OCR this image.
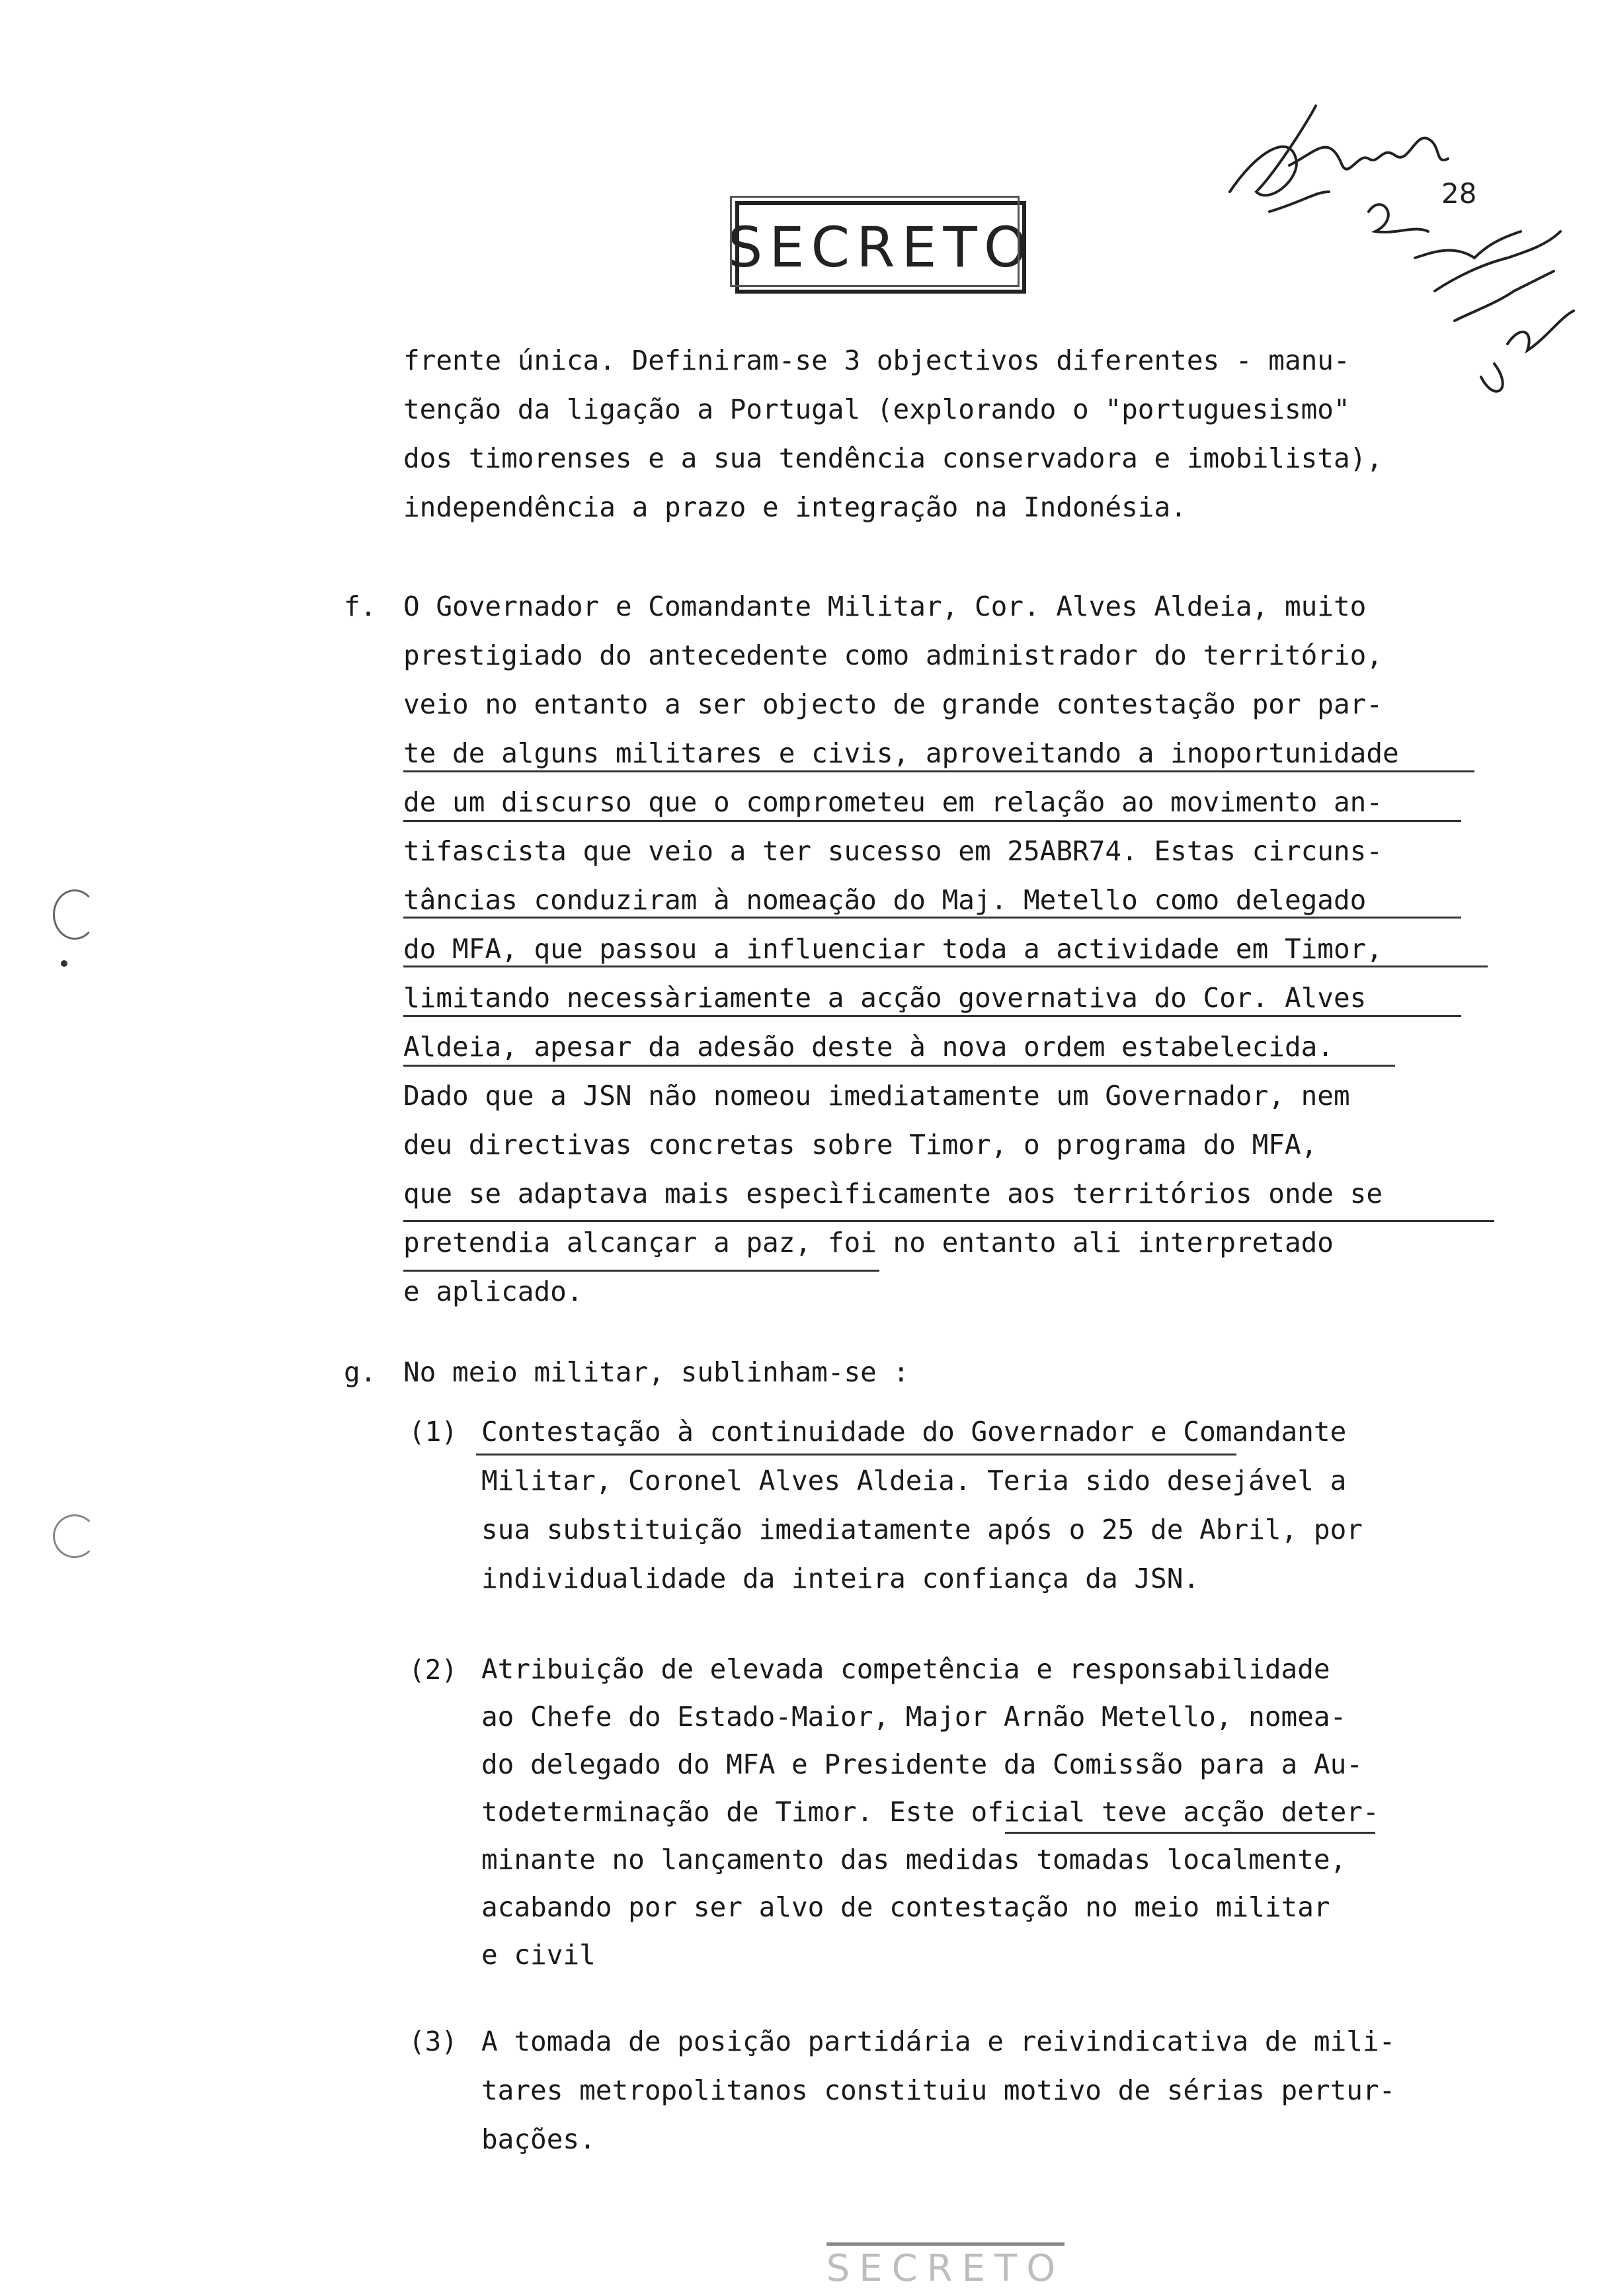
SECRETO
28
frente única. Definiram-se 3 objectivos diferentes - manu-
tenção da ligação a Portugal (explorando o "portuguesismo"
dos timorenses e a sua tendência conservadora e imobilista),
independência a prazo e integração na Indonésia.
f. O Governador e Comandante Militar, Cor. Alves Aldeia, muito
prestigiado do antecedente como administrador do território,
veio no entanto a ser objecto de grande contestação por par-
te de alguns militares e civis, aproveitando a inoportunidade
de um discurso que o comprometeu em relação ao movimento an-
tifascista que veio a ter sucesso em 25ABR74. Estas circuns-
tâncias conduziram à nomeação do Maj. Metello como delegado
do MFA, que passou a influenciar toda a actividade em Timor,
limitando necessàriamente a acção governativa do Cor. Alves
Aldeia, apesar da adesão deste à nova ordem estabelecida.
Dado que a JSN não nomeou imediatamente um Governador, nem
deu directivas concretas sobre Timor, o programa do MFA,
que se adaptava mais especìficamente aos territórios onde se
pretendia alcançar a paz, foi no entanto ali interpretado
e aplicado.
g. No meio militar, sublinham-se :
(1) Contestação à continuidade do Governador e Comandante
Militar, Coronel Alves Aldeia. Teria sido desejável a
sua substituição imediatamente após o 25 de Abril, por
individualidade da inteira confiança da JSN.
(2) Atribuição de elevada competência e responsabilidade
ao Chefe do Estado-Maior, Major Arnão Metello, nomea-
do delegado do MFA e Presidente da Comissão para a Au-
todeterminação de Timor. Este oficial teve acção deter-
minante no lançamento das medidas tomadas localmente,
acabando por ser alvo de contestação no meio militar
e civil
(3) A tomada de posição partidária e reivindicativa de mili-
tares metropolitanos constituiu motivo de sérias pertur-
bações.
SECRETO
